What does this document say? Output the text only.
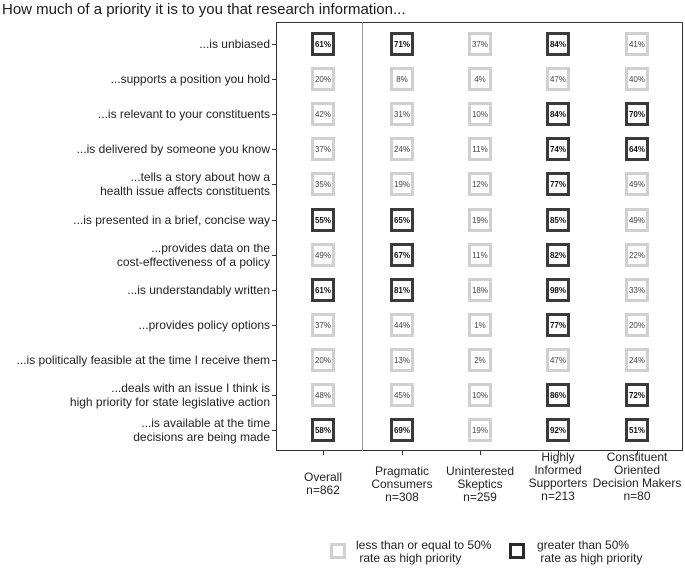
How much of a priority it is to you that research information...
...is unbiased	61%	71%	37%	84%	41%
...supports a position you hold	20%	8%	4%	47%	40%
...is relevant to your constituents	42%	31%	10%	84%	70%
...is delivered by someone you know	37%	24%	11%	74%	64%
...tells a story about how a
health issue affects constituents
35%	19%	12%	77%	49%
...is presented in a brief, concise way	55%	65%	19%	85%	49%
...provides data on the
cost-effectiveness of a policy	49%	67%	11%	82%	22%
...is understandably written	61%	81%	18%	98%	33%
...provides policy options	37%	44%	1%	77%	20%
...is politically feasible at the time I receive them	20%	13%	2%	47%	24%
...deals with an issue I think is
high priority for state legislative action	48%	45%	10%	86%	72%
...is available at the time
decisions are being made
58%	69%	19%	92%	51%
Overall
n=862
Pragmatic
Consumers
n=308
Uninterested
Skeptics
n=259
Highly
Informed
Supporters
n=213
Constituent
Oriented
Decision Makers
n=80
less than or equal to 50%
rate as high priority
greater than 50%
rate as high priority
